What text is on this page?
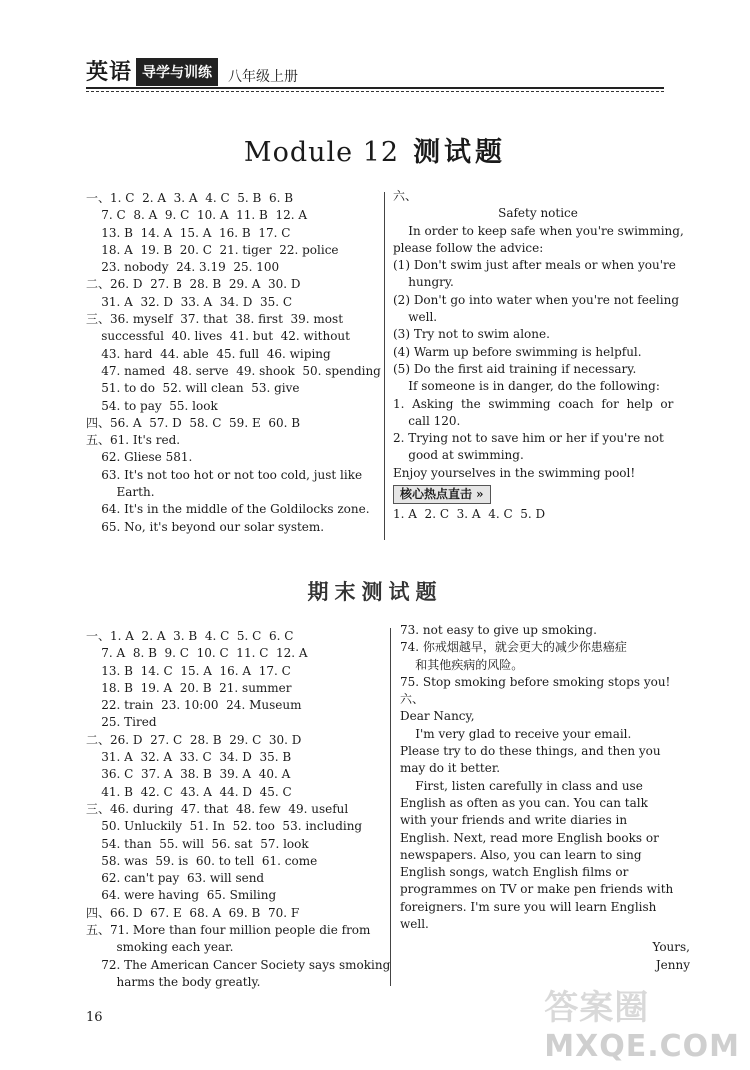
英语 导学与训练	八年级上册
Module 12 测试题
期末测试题
一、1. C  2. A  3. A  4. C  5. B  6. B
7. C  8. A  9. C  10. A  11. B  12. A
13. B  14. A  15. A  16. B  17. C
18. A  19. B  20. C  21. tiger  22. police
23. nobody  24. 3.19  25. 100
二、26. D  27. B  28. B  29. A  30. D
31. A  32. D  33. A  34. D  35. C
三、36. myself  37. that  38. first  39. most
successful  40. lives  41. but  42. without
43. hard  44. able  45. full  46. wiping
47. named  48. serve  49. shook  50. spending
51. to do  52. will clean  53. give
54. to pay  55. look
四、56. A  57. D  58. C  59. E  60. B
五、61. It's red.
62. Gliese 581.
63. It's not too hot or not too cold, just like
Earth.
64. It's in the middle of the Goldilocks zone.
65. No, it's beyond our solar system.
六、
Safety notice
In order to keep safe when you're swimming,
please follow the advice:
(1) Don't swim just after meals or when you're
hungry.
(2) Don't go into water when you're not feeling
well.
(3) Try not to swim alone.
(4) Warm up before swimming is helpful.
(5) Do the first aid training if necessary.
If someone is in danger, do the following:
1.  Asking  the  swimming  coach  for  help  or
call 120.
2. Trying not to save him or her if you're not
good at swimming.
Enjoy yourselves in the swimming pool!
核心热点直击 »
1. A  2. C  3. A  4. C  5. D
一、1. A  2. A  3. B  4. C  5. C  6. C
7. A  8. B  9. C  10. C  11. C  12. A
13. B  14. C  15. A  16. A  17. C
18. B  19. A  20. B  21. summer
22. train  23. 10:00  24. Museum
25. Tired
二、26. D  27. C  28. B  29. C  30. D
31. A  32. A  33. C  34. D  35. B
36. C  37. A  38. B  39. A  40. A
41. B  42. C  43. A  44. D  45. C
三、46. during  47. that  48. few  49. useful
50. Unluckily  51. In  52. too  53. including
54. than  55. will  56. sat  57. look
58. was  59. is  60. to tell  61. come
62. can't pay  63. will send
64. were having  65. Smiling
四、66. D  67. E  68. A  69. B  70. F
五、71. More than four million people die from
smoking each year.
72. The American Cancer Society says smoking
harms the body greatly.
73. not easy to give up smoking.
74. 你戒烟越早，就会更大的减少你患癌症
和其他疾病的风险。
75. Stop smoking before smoking stops you!
六、
Dear Nancy,
I'm very glad to receive your email.
Please try to do these things, and then you
may do it better.
First, listen carefully in class and use
English as often as you can. You can talk
with your friends and write diaries in
English. Next, read more English books or
newspapers. Also, you can learn to sing
English songs, watch English films or
programmes on TV or make pen friends with
foreigners. I'm sure you will learn English
well.
Yours,
Jenny
16	答案圈
MXQE.COM
